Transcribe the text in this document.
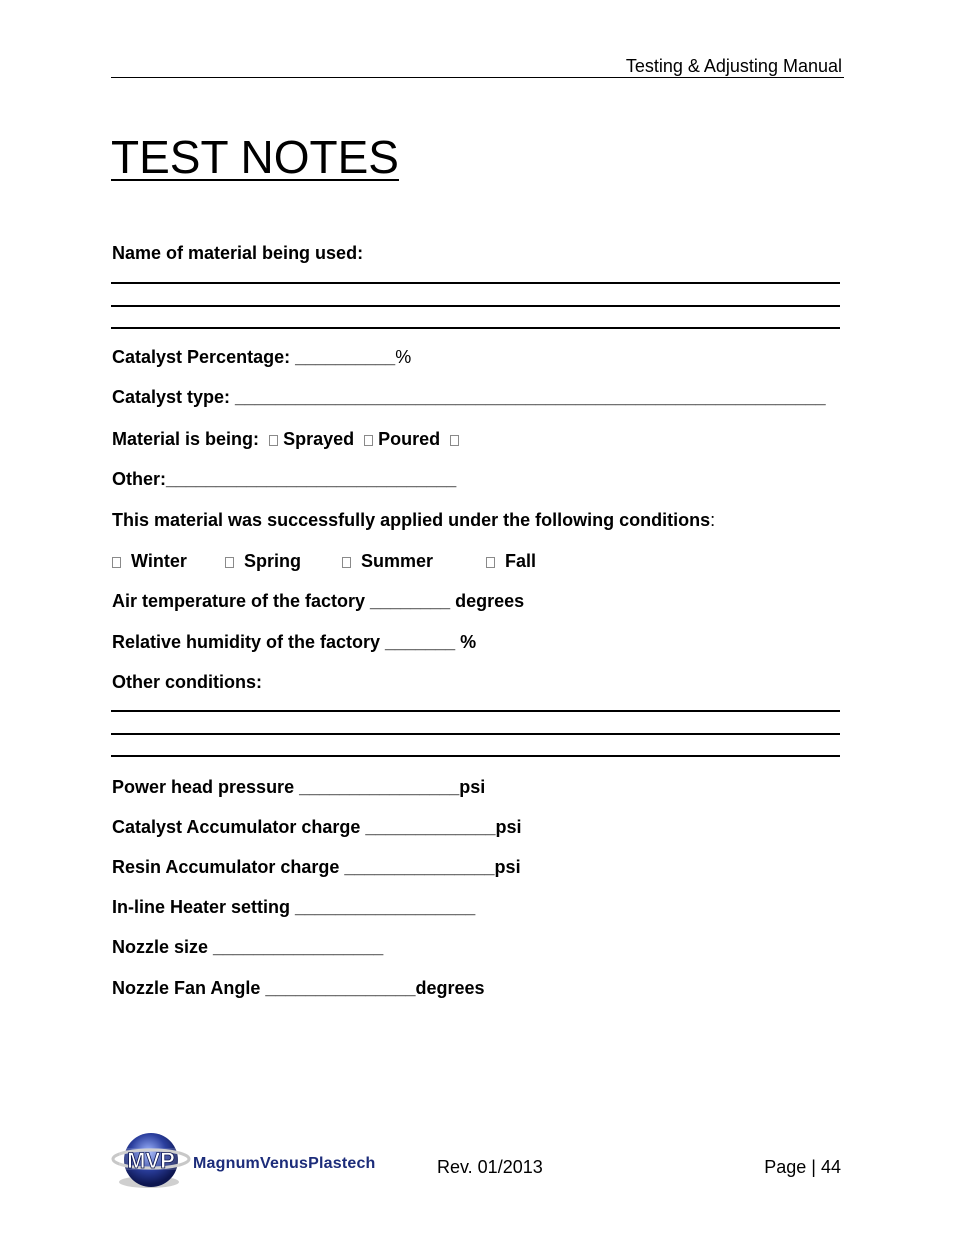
Testing & Adjusting Manual
TEST NOTES
Name of material being used:
Catalyst Percentage: __________%
Catalyst type: ___________________________________________________________
Material is being: Sprayed Poured
Other:_____________________________
This material was successfully applied under the following conditions:
Winter	Spring	Summer	Fall
Air temperature of the factory ________ degrees
Relative humidity of the factory _______ %
Other conditions:
Power head pressure ________________psi
Catalyst Accumulator charge _____________psi
Resin Accumulator charge _______________psi
In-line Heater setting __________________
Nozzle size _________________
Nozzle Fan Angle _______________degrees
MVP MagnumVenusPlastech	Rev. 01/2013	Page | 44
